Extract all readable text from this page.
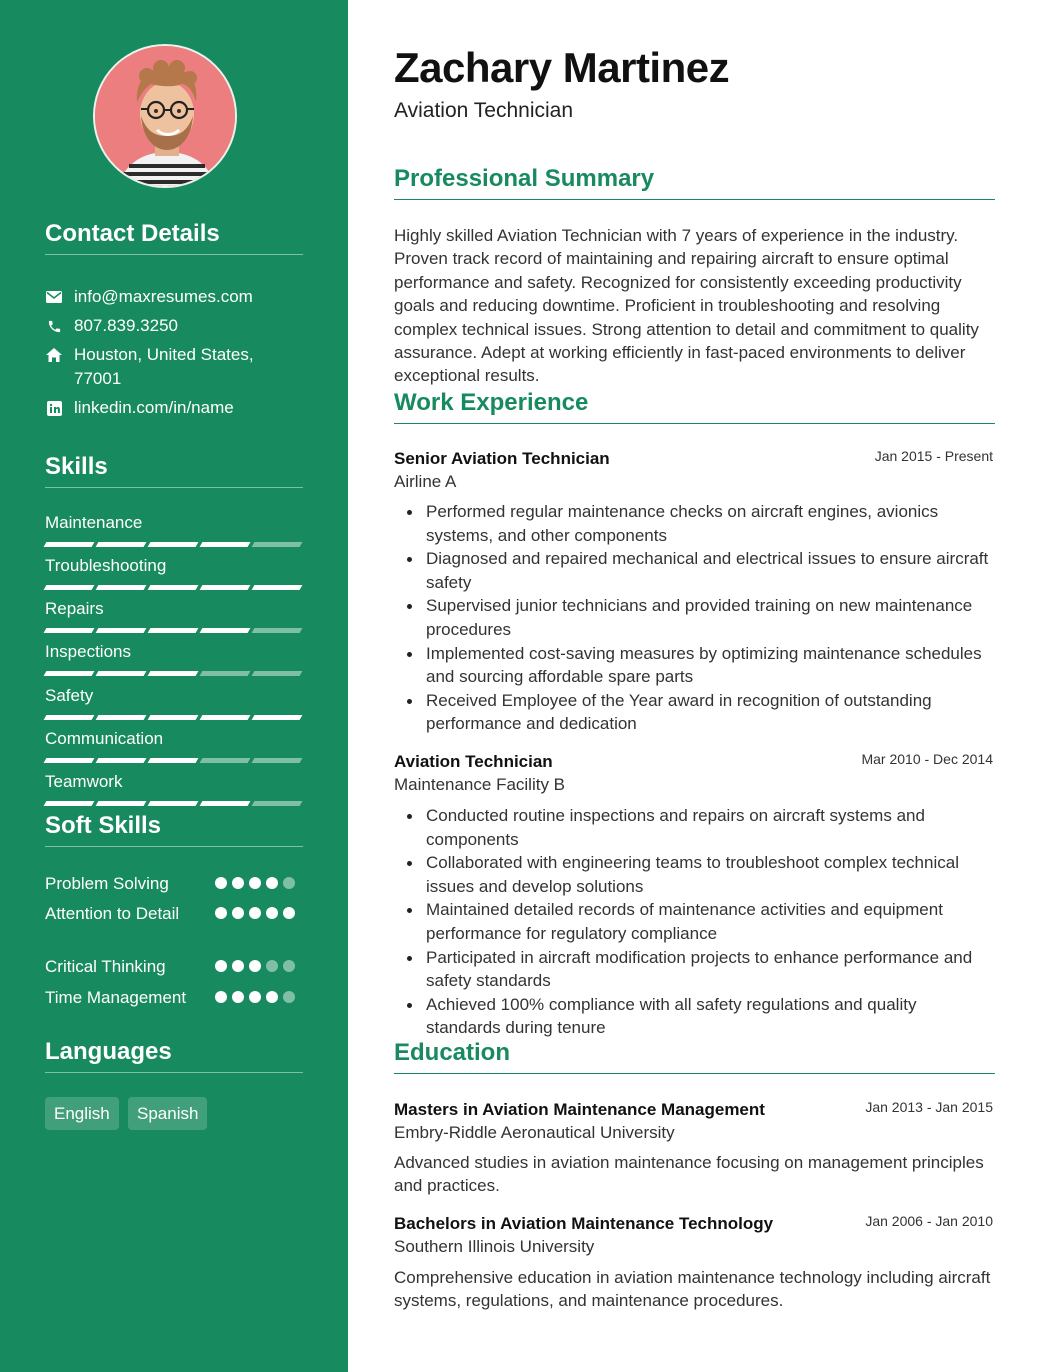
Contact Details
info@maxresumes.com
807.839.3250
Houston, United States, 77001
linkedin.com/in/name
Skills
Maintenance
Troubleshooting
Repairs
Inspections
Safety
Communication
Teamwork
Soft Skills
Problem Solving
Attention to Detail
Critical Thinking
Time Management
Languages
English	Spanish
Zachary Martinez
Aviation Technician
Professional Summary
Highly skilled Aviation Technician with 7 years of experience in the industry. Proven track record of maintaining and repairing aircraft to ensure optimal performance and safety. Recognized for consistently exceeding productivity goals and reducing downtime. Proficient in troubleshooting and resolving complex technical issues. Strong attention to detail and commitment to quality assurance. Adept at working efficiently in fast-paced environments to deliver exceptional results.
Work Experience
Senior Aviation Technician	Jan 2015 - Present
Airline A
Performed regular maintenance checks on aircraft engines, avionics systems, and other components
Diagnosed and repaired mechanical and electrical issues to ensure aircraft safety
Supervised junior technicians and provided training on new maintenance procedures
Implemented cost-saving measures by optimizing maintenance schedules and sourcing affordable spare parts
Received Employee of the Year award in recognition of outstanding performance and dedication
Aviation Technician	Mar 2010 - Dec 2014
Maintenance Facility B
Conducted routine inspections and repairs on aircraft systems and components
Collaborated with engineering teams to troubleshoot complex technical issues and develop solutions
Maintained detailed records of maintenance activities and equipment performance for regulatory compliance
Participated in aircraft modification projects to enhance performance and safety standards
Achieved 100% compliance with all safety regulations and quality standards during tenure
Education
Masters in Aviation Maintenance Management	Jan 2013 - Jan 2015
Embry-Riddle Aeronautical University
Advanced studies in aviation maintenance focusing on management principles and practices.
Bachelors in Aviation Maintenance Technology	Jan 2006 - Jan 2010
Southern Illinois University
Comprehensive education in aviation maintenance technology including aircraft systems, regulations, and maintenance procedures.
